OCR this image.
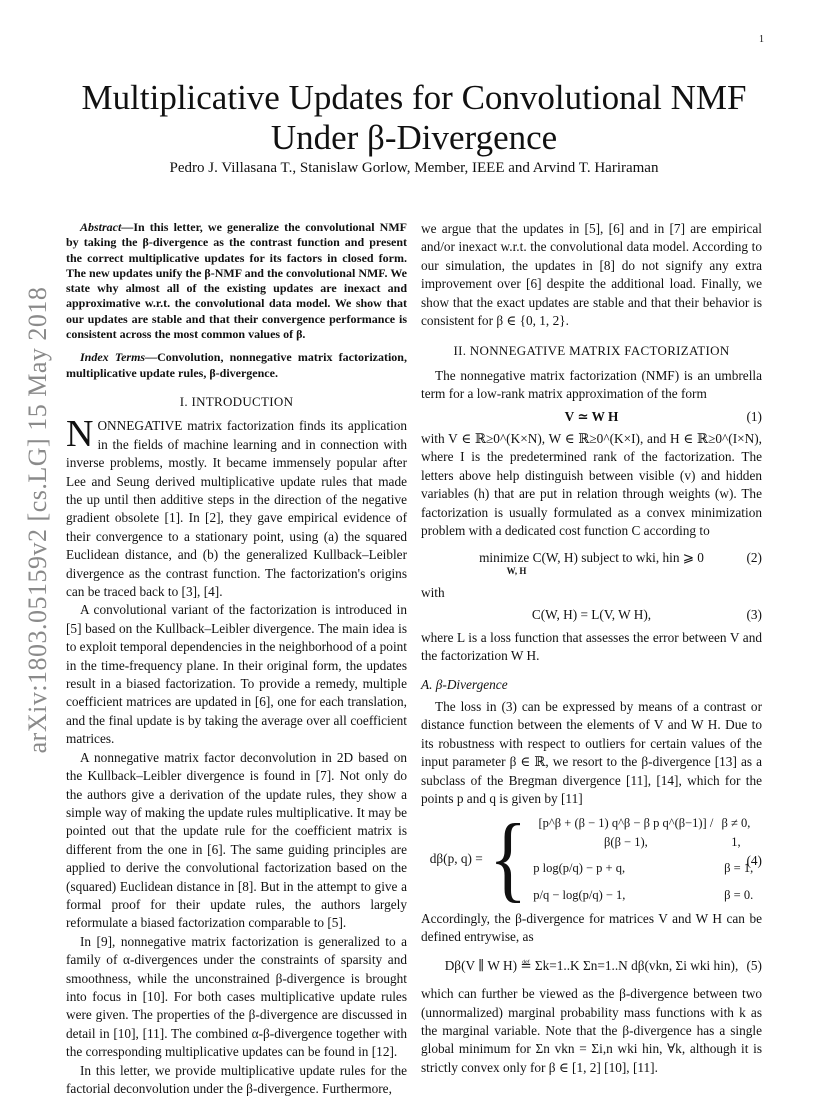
1
arXiv:1803.05159v2 [cs.LG] 15 May 2018
Multiplicative Updates for Convolutional NMF Under β-Divergence
Pedro J. Villasana T., Stanislaw Gorlow, Member, IEEE and Arvind T. Hariraman

Abstract—In this letter, we generalize the convolutional NMF by taking the β-divergence as the contrast function and present the correct multiplicative updates for its factors in closed form. The new updates unify the β-NMF and the convolutional NMF. We state why almost all of the existing updates are inexact and approximative w.r.t. the convolutional data model. We show that our updates are stable and that their convergence performance is consistent across the most common values of β.

Index Terms—Convolution, nonnegative matrix factorization, multiplicative update rules, β-divergence.

I. INTRODUCTION

NONNEGATIVE matrix factorization finds its application in the fields of machine learning and in connection with inverse problems, mostly. It became immensely popular after Lee and Seung derived multiplicative update rules that made the up until then additive steps in the direction of the negative gradient obsolete [1]. In [2], they gave empirical evidence of their convergence to a stationary point, using (a) the squared Euclidean distance, and (b) the generalized Kullback–Leibler divergence as the contrast function. The factorization's origins can be traced back to [3], [4].

A convolutional variant of the factorization is introduced in [5] based on the Kullback–Leibler divergence. The main idea is to exploit temporal dependencies in the neighborhood of a point in the time-frequency plane. In their original form, the updates result in a biased factorization. To provide a remedy, multiple coefficient matrices are updated in [6], one for each translation, and the final update is by taking the average over all coefficient matrices.

A nonnegative matrix factor deconvolution in 2D based on the Kullback–Leibler divergence is found in [7]. Not only do the authors give a derivation of the update rules, they show a simple way of making the update rules multiplicative. It may be pointed out that the update rule for the coefficient matrix is different from the one in [6]. The same guiding principles are applied to derive the convolutional factorization based on the (squared) Euclidean distance in [8]. But in the attempt to give a formal proof for their update rules, the authors largely reformulate a biased factorization comparable to [5].

In [9], nonnegative matrix factorization is generalized to a family of α-divergences under the constraints of sparsity and smoothness, while the unconstrained β-divergence is brought into focus in [10]. For both cases multiplicative update rules were given. The properties of the β-divergence are discussed in detail in [10], [11]. The combined α-β-divergence together with the corresponding multiplicative updates can be found in [12].

In this letter, we provide multiplicative update rules for the factorial deconvolution under the β-divergence. Furthermore,

we argue that the updates in [5], [6] and in [7] are empirical and/or inexact w.r.t. the convolutional data model. According to our simulation, the updates in [8] do not signify any extra improvement over [6] despite the additional load. Finally, we show that the exact updates are stable and that their behavior is consistent for β ∈ {0, 1, 2}.

II. NONNEGATIVE MATRIX FACTORIZATION

The nonnegative matrix factorization (NMF) is an umbrella term for a low-rank matrix approximation of the form

V ≃ W H	(1)

with V ∈ ℝ≥0^(K×N), W ∈ ℝ≥0^(K×I), and H ∈ ℝ≥0^(I×N), where I is the predetermined rank of the factorization. The letters above help distinguish between visible (v) and hidden variables (h) that are put in relation through weights (w). The factorization is usually formulated as a convex minimization problem with a dedicated cost function C according to

minimize C(W, H) subject to wki, hin ⩾ 0
W, H
(2)

with

C(W, H) = L(V, W H),	(3)

where L is a loss function that assesses the error between V and the factorization W H.

A. β-Divergence

The loss in (3) can be expressed by means of a contrast or distance function between the elements of V and W H. Due to its robustness with respect to outliers for certain values of the input parameter β ∈ ℝ, we resort to the β-divergence [13] as a subclass of the Bregman divergence [11], [14], which for the points p and q is given by [11]

dβ(p, q) = { [p^β + (β − 1) q^β − β p q^(β−1)] / β(β − 1),
β ≠ 0, 1,
p log(p/q) − p + q,	β = 1,
p/q − log(p/q) − 1,	β = 0.
(4)

Accordingly, the β-divergence for matrices V and W H can be defined entrywise, as

Dβ(V ∥ W H) ≝ Σk=1..K Σn=1..N dβ(vkn, Σi wki hin), (5)

which can further be viewed as the β-divergence between two (unnormalized) marginal probability mass functions with k as the marginal variable. Note that the β-divergence has a single global minimum for Σn vkn = Σi,n wki hin, ∀k, although it is strictly convex only for β ∈ [1, 2] [10], [11].
